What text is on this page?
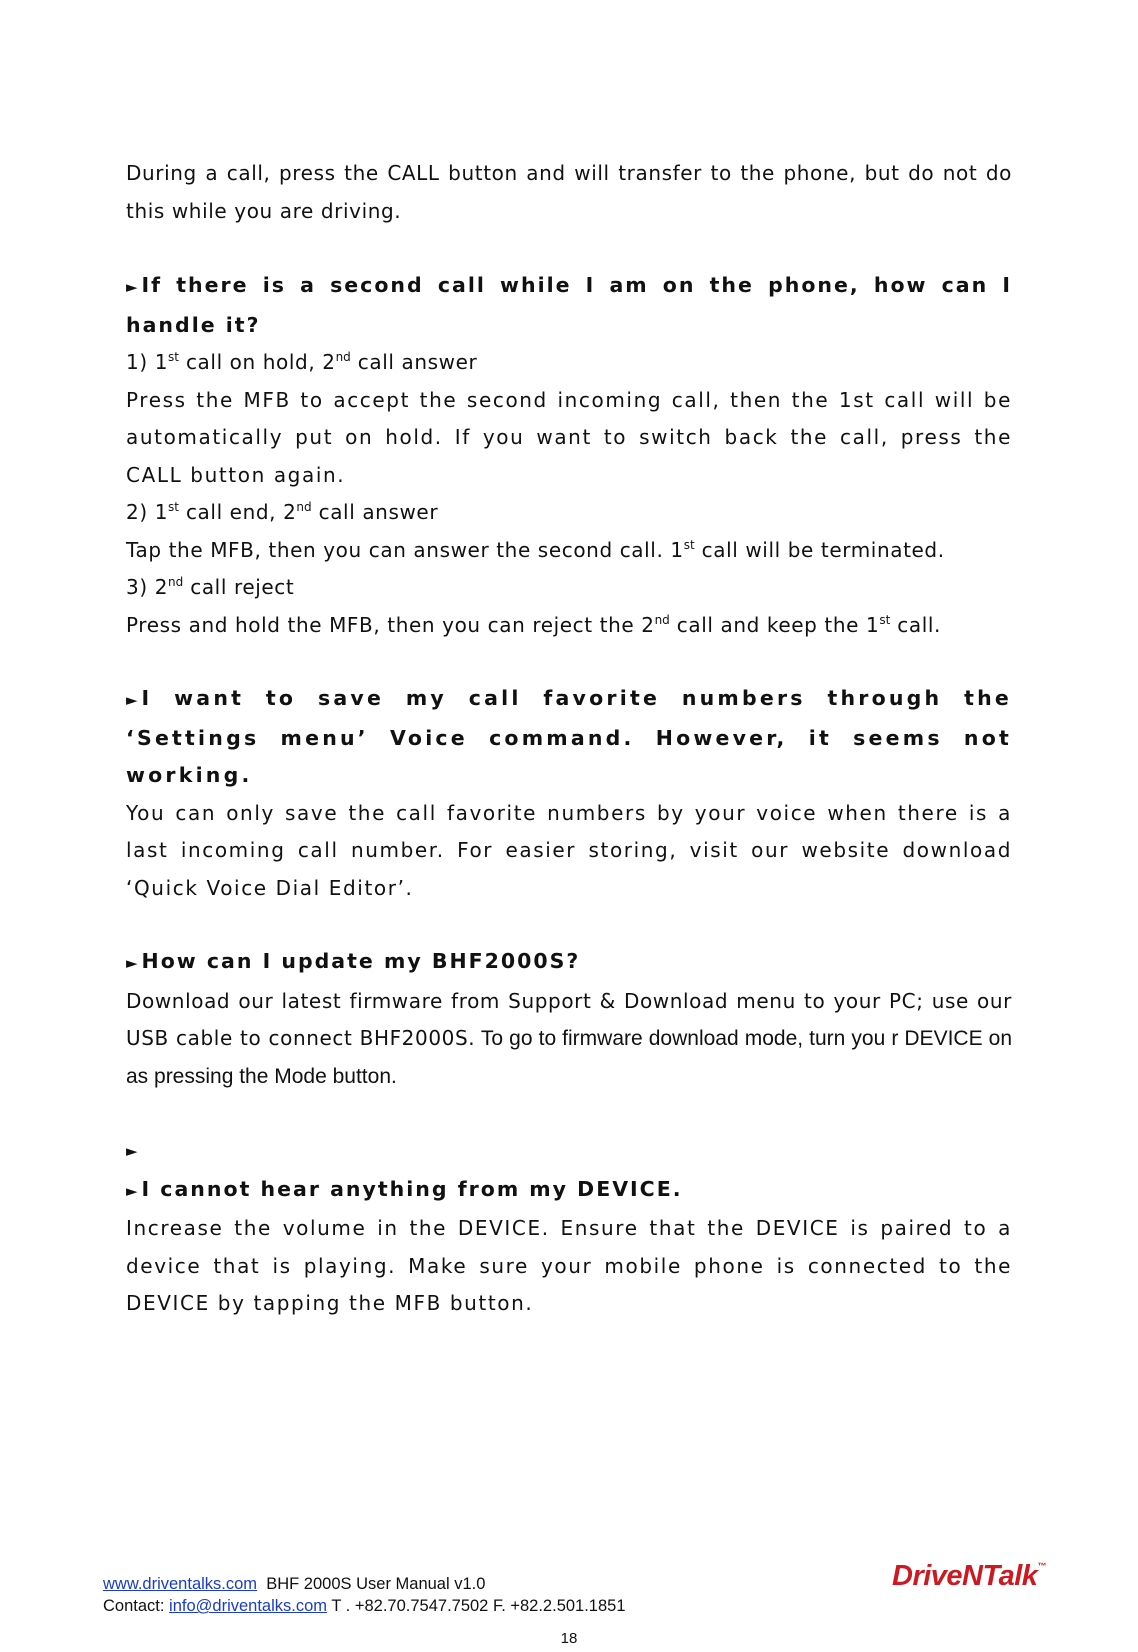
During a call, press the CALL button and will transfer to the phone, but do not do this while you are driving.

► If there is a second call while I am on the phone, how can I handle it?

1) 1st call on hold, 2nd call answer

Press the MFB to accept the second incoming call, then the 1st call will be automatically put on hold. If you want to switch back the call, press the CALL button again.

2) 1st call end, 2nd call answer

Tap the MFB, then you can answer the second call. 1st call will be terminated.

3) 2nd call reject

Press and hold the MFB, then you can reject the 2nd call and keep the 1st call.

► I want to save my call favorite numbers through the ‘Settings menu’ Voice command. However, it seems not working.

You can only save the call favorite numbers by your voice when there is a last incoming call number. For easier storing, visit our website download ‘Quick Voice Dial Editor’.

► How can I update my BHF2000S?

Download our latest firmware from Support & Download menu to your PC; use our USB cable to connect BHF2000S. To go to firmware download mode, turn you r DEVICE on as pressing the Mode button.

►

► I cannot hear anything from my DEVICE.

Increase the volume in the DEVICE. Ensure that the DEVICE is paired to a device that is playing. Make sure your mobile phone is connected to the DEVICE by tapping the MFB button.

www.driventalks.com BHF 2000S User Manual v1.0
Contact: info@driventalks.com T . +82.70.7547.7502 F. +82.2.501.1851
DriveNTalk™
18
